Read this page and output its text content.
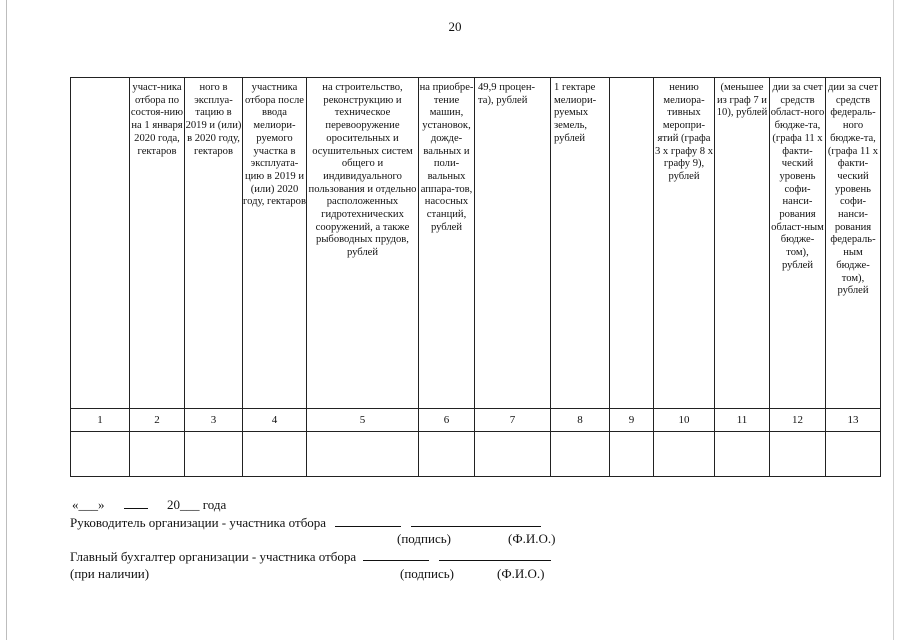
20

	участ-ника отбора по состоя-нию на 1 января 2020 года, гектаров	ного в эксплуа-тацию в 2019 и (или) в 2020 году, гектаров	участника отбора после ввода мелиори-руемого участка в эксплуата-цию в 2019 и (или) 2020 году, гектаров	на строительство, реконструкцию и техническое перевооружение оросительных и осушительных систем общего и индивидуального пользования и отдельно расположенных гидротехнических сооружений, а также рыбоводных прудов, рублей	на приобре-тение машин, установок, дожде-вальных и поли-вальных аппара-тов, насосных станций, рублей	49,9 процен-та), рублей	1 гектаре мелиори-руемых земель, рублей		нению мелиора-тивных меропри-ятий (графа 3 х графу 8 х графу 9), рублей	(меньшее из граф 7 и 10), рублей	дии за счет средств област-ного бюдже-та, (графа 11 х факти-ческий уровень софи-нанси-рования област-ным бюдже-том), рублей	дии за счет средств федераль-ного бюдже-та, (графа 11 х факти-ческий уровень софи-нанси-рования федераль-ным бюдже-том), рублей

1	2	3	4	5	6	7	8	9	10	11	12	13

«___»	20___ года
Руководитель организации - участника отбора
(подпись)	(Ф.И.О.)
Главный бухгалтер организации - участника отбора
(при наличии)	(подпись)	(Ф.И.О.)
